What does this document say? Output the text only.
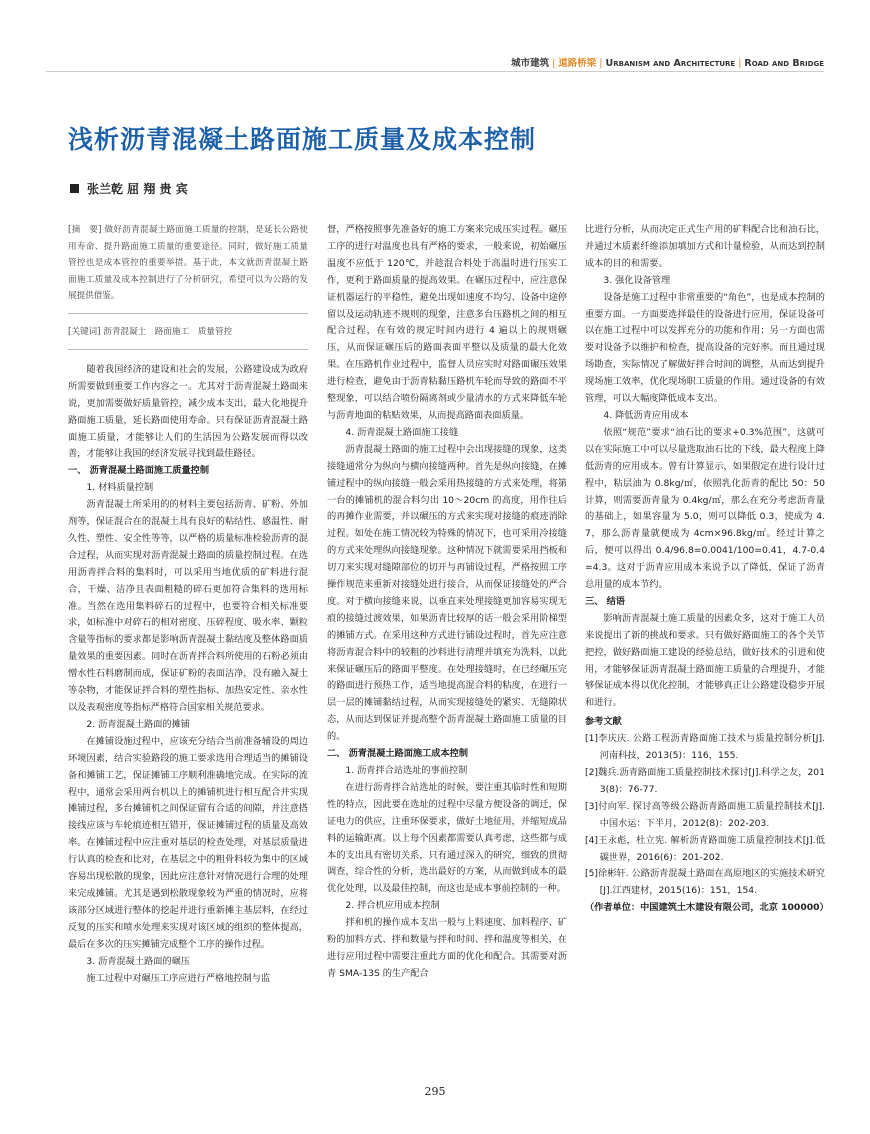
城市建筑 | 道路桥梁 | Urbanism and Architecture | Road and Bridge
浅析沥青混凝土路面施工质量及成本控制
张兰乾 屈 翔 贵 宾

[摘　要] 做好沥青混凝土路面施工质量的控制，是延长公路使用寿命、提升路面施工质量的重要途径。同时，做好施工质量管控也是成本管控的重要举措。基于此，本文就沥青混凝土路面施工质量及成本控制进行了分析研究，希望可以为公路的发展提供借鉴。

[关键词] 沥青混凝土　路面施工　质量管控

随着我国经济的建设和社会的发展，公路建设成为政府所需要做到重要工作内容之一。尤其对于沥青混凝土路面来说，更加需要做好质量管控，减少成本支出，最大化地提升路面施工质量，延长路面使用寿命。只有保证沥青混凝土路面施工质量，才能够让人们的生活因为公路发展而得以改善，才能够让我国的经济发展寻找到最佳路径。

一、 沥青混凝土路面施工质量控制

1. 材料质量控制

沥青混凝土所采用的的材料主要包括沥青、矿粉、外加剂等，保证混合在的混凝土具有良好的粘结性、感温性、耐久性、塑性、安全性等等，以严格的质量标准检验沥青的混合过程，从而实现对沥青混凝土路面的质量控制过程。在选用沥青拌合料的集料时，可以采用当地优质的矿料进行混合，干燥、洁净且表面粗糙的碎石更加符合集料的选用标准。当然在选用集料碎石的过程中，也要符合相关标准要求，如标准中对碎石的相对密度、压碎程度、吸水率、颗粒含量等指标的要求都是影响沥青混凝土黏结度及整体路面质量效果的重要因素。同时在沥青拌合料所使用的石粉必须由憎水性石料磨制而成，保证矿粉的表面洁净，没有融入凝土等杂物，才能保证拌合料的塑性指标、加热安定性、亲水性以及表观密度等指标严格符合国家相关规范要求。

2. 沥青混凝土路面的摊铺

在摊铺设施过程中，应该充分结合当前准备辅设的周边环境因素，结合实验路段的施工要求选用合理适当的摊铺设备和摊铺工艺，保证摊铺工序顺利准确地完成。在实际的流程中，通常会采用两台机以上的摊铺机进行相互配合并实现摊铺过程，多台摊铺机之间保证留有合适的间隙，并注意搭接线应该与车轮痕迹相互错开，保证摊铺过程的质量及高效率。在摊铺过程中应注重对基层的检查处理，对基层质量进行认真的检查和比对，在基层之中的粗骨料较为集中的区域容易出现松散的现象，因此应注意针对情况进行合理的处理来完成摊铺。尤其是遇到松散现象较为严重的情况时，应将该部分区域进行整体的挖起并进行重新摊主基层料，在经过反复的压实和喷水处理来实现对该区域的组织的整体提高，最后在多次的压实摊铺完成整个工序的操作过程。

3. 沥青混凝土路面的碾压

施工过程中对碾压工序应进行严格地控制与监

督，严格按照事先准备好的施工方案来完成压实过程。碾压工序的进行对温度也具有严格的要求，一般来说，初始碾压温度不应低于 120℃，并趁混合料处于高温时进行压实工作，更利于路面质量的提高效果。在碾压过程中，应注意保证机器运行的平稳性，避免出现如速度不均匀、设备中途停留以及运动轨迹不规则的现象，注意多台压路机之间的相互配合过程，在有效的规定时间内进行 4 遍以上的规则碾压，从而保证碾压后的路面表面平整以及质量的最大化效果。在压路机作业过程中，监督人员应实时对路面碾压效果进行检查，避免由于沥青粘黏压路机车轮而导致的路面不平整现象，可以结合喷份隔离剂或少量清水的方式来降低车轮与沥青地面的粘贴效果，从而提高路面表面质量。

4. 沥青混凝土路面施工接缝

沥青混凝土路面的施工过程中会出现接缝的现象，这类接缝通常分为纵向与横向接缝两种。首先是纵向接缝，在摊铺过程中的纵向接缝一般会采用热接缝的方式来处理，将第一台的摊铺机的混合料匀出 10～20cm 的高度，用作往后的再摊作业需要，并以碾压的方式来实现对接缝的痕迹消除过程。如处在施工情况较为特殊的情况下，也可采用冷接缝的方式来处理纵向接缝现象。这种情况下就需要采用挡板和切刀来实现对缝隙部位的切开与再铺设过程，严格按照工序操作规范来重新对接缝处进行接合，从而保证接缝处的严合度。对于横向接缝来说，以垂直来处理接缝更加容易实现无痕的接缝过渡效果，如果沥青比较厚的话一般会采用阶梯型的摊铺方式。在采用这种方式进行铺设过程时，首先应注意将沥青混合料中的较粗的沙料进行清理并填充为洗料，以此来保证碾压后的路面平整度。在处理接缝时，在已经碾压完的路面进行预热工作，适当地提高混合料的粘度，在进行一层一层的摊铺黏结过程，从而实现接缝处的紧实、无缝隙状态，从而达到保证并提高整个沥青混凝土路面施工质量的目的。

二、 沥青混凝土路面施工成本控制

1. 沥青拌合站选址的事前控制

在进行沥青拌合站选址的时候，要注重其临时性和短期性的特点，因此要在选址的过程中尽量方便设备的调迁，保证电力的供应，注重环保要求，做好土地征用，并缩短成品料的运输距离。以上每个因素都需要认真考虑，这些都与成本的支出具有密切关系，只有通过深入的研究，细致的贯彻调查，综合性的分析，选出最好的方案，从而做到成本的最优化处理，以及最佳控制，而这也是成本事前控制的一种。

2. 拌合机应用成本控制

拌和机的操作成本支出一般与上料速度、加料程序、矿粉的加料方式、拌和数量与拌和时间、拌和温度等相关，在进行应用过程中需要注重此方面的优化和配合。其需要对沥青 SMA-13S 的生产配合

比进行分析，从而决定正式生产用的矿料配合比和油石比，并通过木质素纤维添加填加方式和计量检验，从而达到控制成本的目的和需要。

3. 强化设备管理

设备是施工过程中非常重要的“角色”，也是成本控制的重要方面。一方面要选择最佳的设备进行应用，保证设备可以在施工过程中可以发挥充分的功能和作用；另一方面也需要对设备予以维护和检查，提高设备的完好率。而且通过现场勘查，实际情况了解做好拌合时间的调整，从而达到提升现场施工效率，优化现场职工质量的作用。通过设备的有效管理，可以大幅度降低成本支出。

4. 降低沥青应用成本

依照“规范”要求“油石比的要求+0.3%范围”，这就可以在实际施工中可以尽量选取油石比的下线，最大程度上降低沥青的应用成本。曾有计算显示，如果假定在进行设计过程中，粘层油为 0.8kg/㎡，依照乳化沥青的配比 50：50 计算，则需要沥青量为 0.4kg/㎡，那么在充分考虑沥青量的基础上，如果容量为 5.0，则可以降低 0.3，使成为 4.7，那么沥青量就便成为 4cm×96.8kg/㎡。经过计算之后，便可以得出 0.4/96.8=0.0041/100=0.41，4.7-0.4=4.3。这对于沥青应用成本来说予以了降低，保证了沥青总用量的成本节约。

三、 结语

影响沥青混凝土施工质量的因素众多，这对于施工人员来说提出了新的挑战和要求。只有做好路面施工的各个关节把控，做好路面施工建设的经验总结，做好技术的引进和使用，才能够保证沥青混凝土路面施工质量的合理提升，才能够保证成本得以优化控制，才能够真正让公路建设稳步开展和进行。

参考文献

[1]李庆庆. 公路工程沥青路面施工技术与质量控制分析[J].河南科技，2013(5)：116，155.

[2]魏兵.沥青路面施工质量控制技术探讨[J].科学之友，2013(8)：76-77.

[3]付向军. 探讨高等级公路沥青路面施工质量控制技术[J].中国水运：下半月，2012(8)：202-203.

[4]王永彪，杜立宪. 解析沥青路面施工质量控制技术[J].低碳世界，2016(6)：201-202.

[5]徐彬轩. 公路沥青混凝土路面在高原地区的实施技术研究[J].江西建材，2015(16)：151，154.

（作者单位：中国建筑土木建设有限公司，北京 100000）

295
